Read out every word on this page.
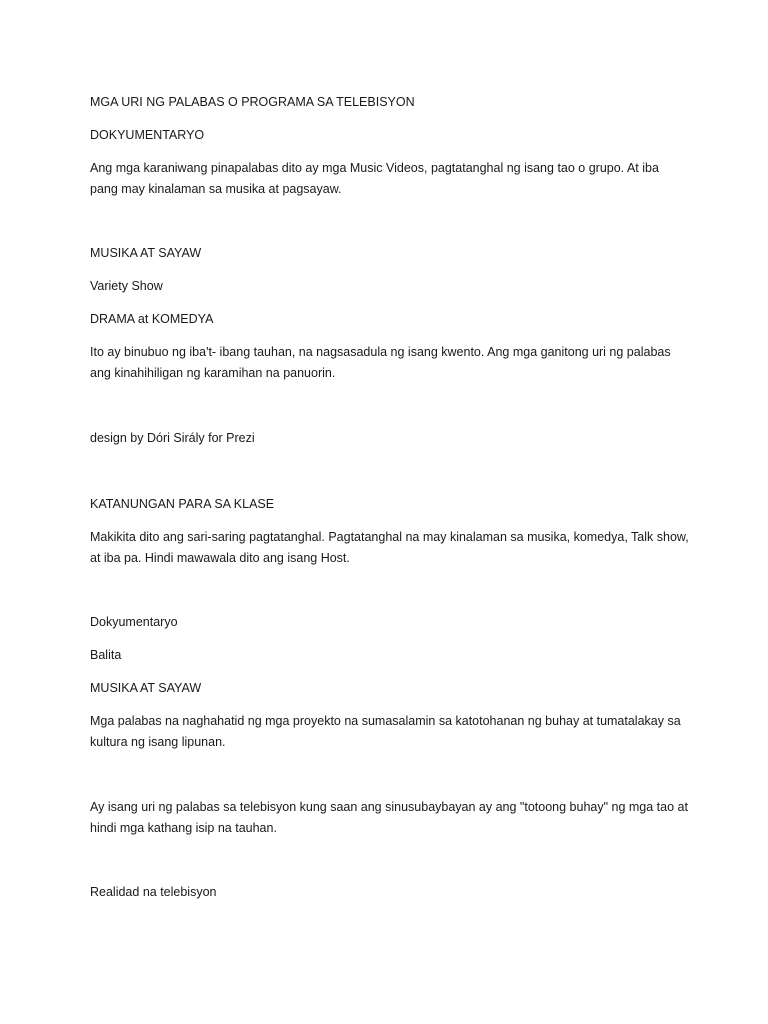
MGA URI NG PALABAS O PROGRAMA SA TELEBISYON
DOKYUMENTARYO
Ang mga karaniwang pinapalabas dito ay mga Music Videos, pagtatanghal ng isang tao o grupo. At iba pang may kinalaman sa musika at pagsayaw.
MUSIKA AT SAYAW
Variety Show
DRAMA at KOMEDYA
Ito ay binubuo ng iba't- ibang tauhan, na nagsasadula ng isang kwento. Ang mga ganitong uri ng palabas ang kinahihiligan ng karamihan na panuorin.
design by Dóri Sirály for Prezi
KATANUNGAN PARA SA KLASE
Makikita dito ang sari-saring pagtatanghal. Pagtatanghal na may kinalaman sa musika, komedya, Talk show, at iba pa. Hindi mawawala dito ang isang Host.
Dokyumentaryo
Balita
MUSIKA AT SAYAW
Mga palabas na naghahatid ng mga proyekto na sumasalamin sa katotohanan ng buhay at tumatalakay sa kultura ng isang lipunan.
Ay isang uri ng palabas sa telebisyon kung saan ang sinusubaybayan ay ang "totoong buhay" ng mga tao at hindi mga kathang isip na tauhan.
Realidad na telebisyon
